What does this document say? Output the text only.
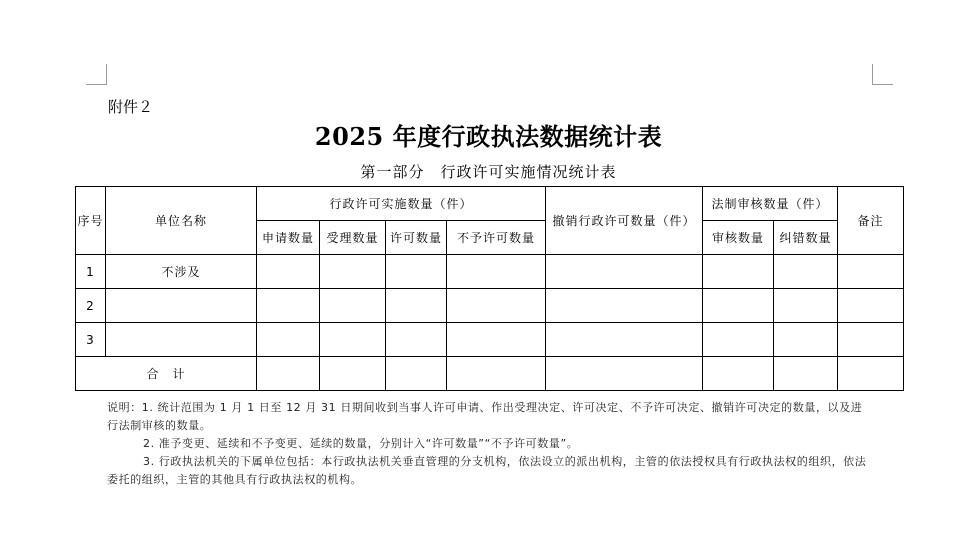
附件２
2025 年度行政执法数据统计表
第一部分　行政许可实施情况统计表
序号	单位名称	行政许可实施数量（件）				撤销行政许可数量（件）	法制审核数量（件）		备注
		申请数量	受理数量	许可数量	不予许可数量		审核数量	纠错数量	
1	不涉及								
2									
3									
合　计									

说明：1. 统计范围为 1 月 1 日至 12 月 31 日期间收到当事人许可申请、作出受理决定、许可决定、不予许可决定、撤销许可决定的数量，以及进行法制审核的数量。

2. 准予变更、延续和不予变更、延续的数量，分别计入“许可数量”“不予许可数量”。

3. 行政执法机关的下属单位包括：本行政执法机关垂直管理的分支机构，依法设立的派出机构，主管的依法授权具有行政执法权的组织，依法委托的组织，主管的其他具有行政执法权的机构。
